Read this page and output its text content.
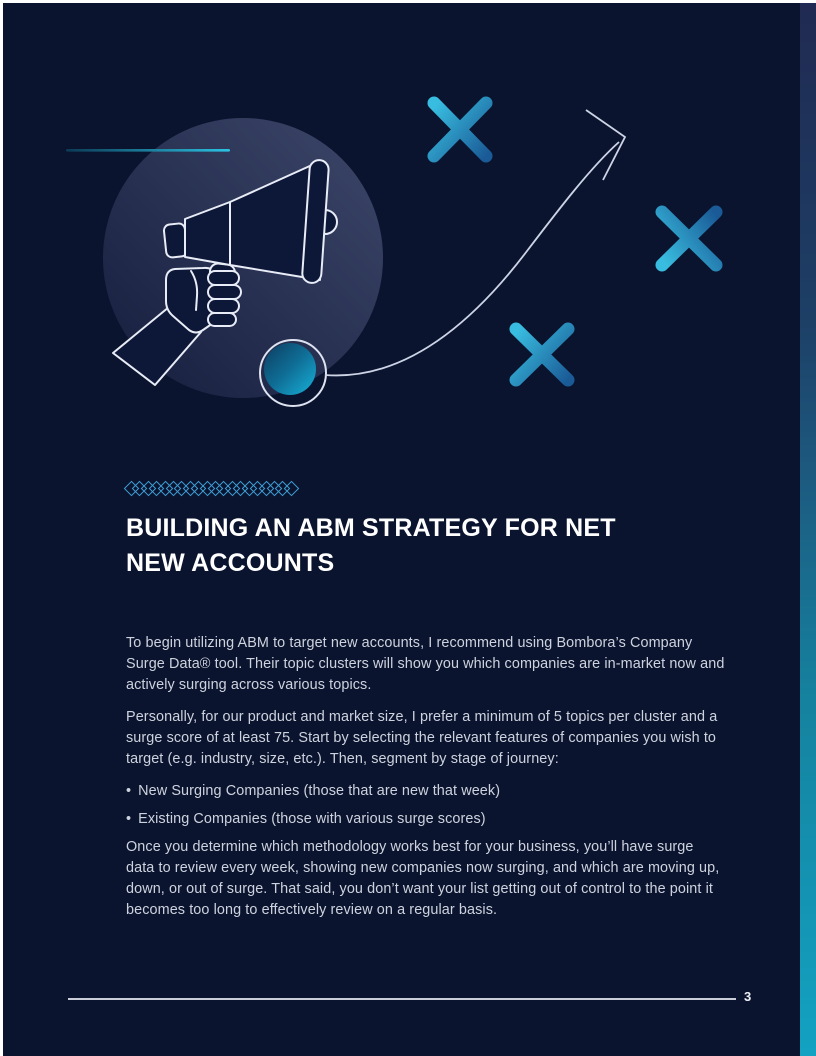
BUILDING AN ABM STRATEGY FOR NET
NEW ACCOUNTS

To begin utilizing ABM to target new accounts, I recommend using Bombora’s Company Surge Data® tool. Their topic clusters will show you which companies are in-market now and actively surging across various topics.

Personally, for our product and market size, I prefer a minimum of 5 topics per cluster and a surge score of at least 75. Start by selecting the relevant features of companies you wish to target (e.g. industry, size, etc.). Then, segment by stage of journey:

• New Surging Companies (those that are new that week)
• Existing Companies (those with various surge scores)

Once you determine which methodology works best for your business, you’ll have surge data to review every week, showing new companies now surging, and which are moving up, down, or out of surge. That said, you don’t want your list getting out of control to the point it becomes too long to effectively review on a regular basis.

3
